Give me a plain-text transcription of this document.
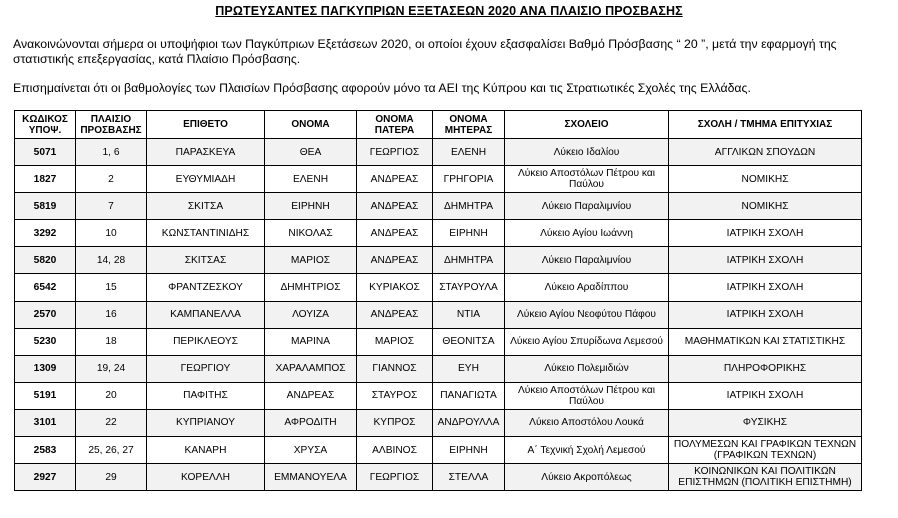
ΠΡΩΤΕΥΣΑΝΤΕΣ ΠΑΓΚΥΠΡΙΩΝ ΕΞΕΤΑΣΕΩΝ 2020 ΑΝΑ ΠΛΑΙΣΙΟ ΠΡΟΣΒΑΣΗΣ
Ανακοινώνονται σήμερα οι υποψήφιοι των Παγκύπριων Εξετάσεων 2020, οι οποίοι έχουν εξασφαλίσει Βαθμό Πρόσβασης “ 20 ”, μετά την εφαρμογή της στατιστικής επεξεργασίας, κατά Πλαίσιο Πρόσβασης.
Επισημαίνεται ότι οι βαθμολογίες των Πλαισίων Πρόσβασης αφορούν μόνο τα ΑΕΙ της Κύπρου και τις Στρατιωτικές Σχολές της Ελλάδας.
ΚΩΔΙΚΟΣ ΥΠΟΨ.	ΠΛΑΙΣΙΟ ΠΡΟΣΒΑΣΗΣ	ΕΠΙΘΕΤΟ	ΟΝΟΜΑ	ΟΝΟΜΑ ΠΑΤΕΡΑ	ΟΝΟΜΑ ΜΗΤΕΡΑΣ	ΣΧΟΛΕΙΟ	ΣΧΟΛΗ / ΤΜΗΜΑ ΕΠΙΤΥΧΙΑΣ
5071	1, 6	ΠΑΡΑΣΚΕΥΑ	ΘΕΑ	ΓΕΩΡΓΙΟΣ	ΕΛΕΝΗ	Λύκειο Ιδαλίου	ΑΓΓΛΙΚΩΝ ΣΠΟΥΔΩΝ
1827	2	ΕΥΘΥΜΙΑΔΗ	ΕΛΕΝΗ	ΑΝΔΡΕΑΣ	ΓΡΗΓΟΡΙΑ	Λύκειο Αποστόλων Πέτρου και Παύλου	ΝΟΜΙΚΗΣ
5819	7	ΣΚΙΤΣΑ	ΕΙΡΗΝΗ	ΑΝΔΡΕΑΣ	ΔΗΜΗΤΡΑ	Λύκειο Παραλιμνίου	ΝΟΜΙΚΗΣ
3292	10	ΚΩΝΣΤΑΝΤΙΝΙΔΗΣ	ΝΙΚΟΛΑΣ	ΑΝΔΡΕΑΣ	ΕΙΡΗΝΗ	Λύκειο Αγίου Ιωάννη	ΙΑΤΡΙΚΗ ΣΧΟΛΗ
5820	14, 28	ΣΚΙΤΣΑΣ	ΜΑΡΙΟΣ	ΑΝΔΡΕΑΣ	ΔΗΜΗΤΡΑ	Λύκειο Παραλιμνίου	ΙΑΤΡΙΚΗ ΣΧΟΛΗ
6542	15	ΦΡΑΝΤΖΕΣΚΟΥ	ΔΗΜΗΤΡΙΟΣ	ΚΥΡΙΑΚΟΣ	ΣΤΑΥΡΟΥΛΑ	Λύκειο Αραδίππου	ΙΑΤΡΙΚΗ ΣΧΟΛΗ
2570	16	ΚΑΜΠΑΝΕΛΛΑ	ΛΟΥΙΖΑ	ΑΝΔΡΕΑΣ	ΝΤΙΑ	Λύκειο Αγίου Νεοφύτου Πάφου	ΙΑΤΡΙΚΗ ΣΧΟΛΗ
5230	18	ΠΕΡΙΚΛΕΟΥΣ	ΜΑΡΙΝΑ	ΜΑΡΙΟΣ	ΘΕΟΝΙΤΣΑ	Λύκειο Αγίου Σπυρίδωνα Λεμεσού	ΜΑΘΗΜΑΤΙΚΩΝ ΚΑΙ ΣΤΑΤΙΣΤΙΚΗΣ
1309	19, 24	ΓΕΩΡΓΙΟΥ	ΧΑΡΑΛΑΜΠΟΣ	ΓΙΑΝΝΟΣ	ΕΥΗ	Λύκειο Πολεμιδιών	ΠΛΗΡΟΦΟΡΙΚΗΣ
5191	20	ΠΑΦΙΤΗΣ	ΑΝΔΡΕΑΣ	ΣΤΑΥΡΟΣ	ΠΑΝΑΓΙΩΤΑ	Λύκειο Αποστόλων Πέτρου και Παύλου	ΙΑΤΡΙΚΗ ΣΧΟΛΗ
3101	22	ΚΥΠΡΙΑΝΟΥ	ΑΦΡΟΔΙΤΗ	ΚΥΠΡΟΣ	ΑΝΔΡΟΥΛΛΑ	Λύκειο Αποστόλου Λουκά	ΦΥΣΙΚΗΣ
2583	25, 26, 27	ΚΑΝΑΡΗ	ΧΡΥΣΑ	ΑΛΒΙΝΟΣ	ΕΙΡΗΝΗ	Α΄ Τεχνική Σχολή Λεμεσού	ΠΟΛΥΜΕΣΩΝ ΚΑΙ ΓΡΑΦΙΚΩΝ ΤΕΧΝΩΝ (ΓΡΑΦΙΚΩΝ ΤΕΧΝΩΝ)
2927	29	ΚΟΡΕΛΛΗ	ΕΜΜΑΝΟΥΕΛΑ	ΓΕΩΡΓΙΟΣ	ΣΤΕΛΛΑ	Λύκειο Ακροπόλεως	ΚΟΙΝΩΝΙΚΩΝ ΚΑΙ ΠΟΛΙΤΙΚΩΝ ΕΠΙΣΤΗΜΩΝ (ΠΟΛΙΤΙΚΗ ΕΠΙΣΤΗΜΗ)
